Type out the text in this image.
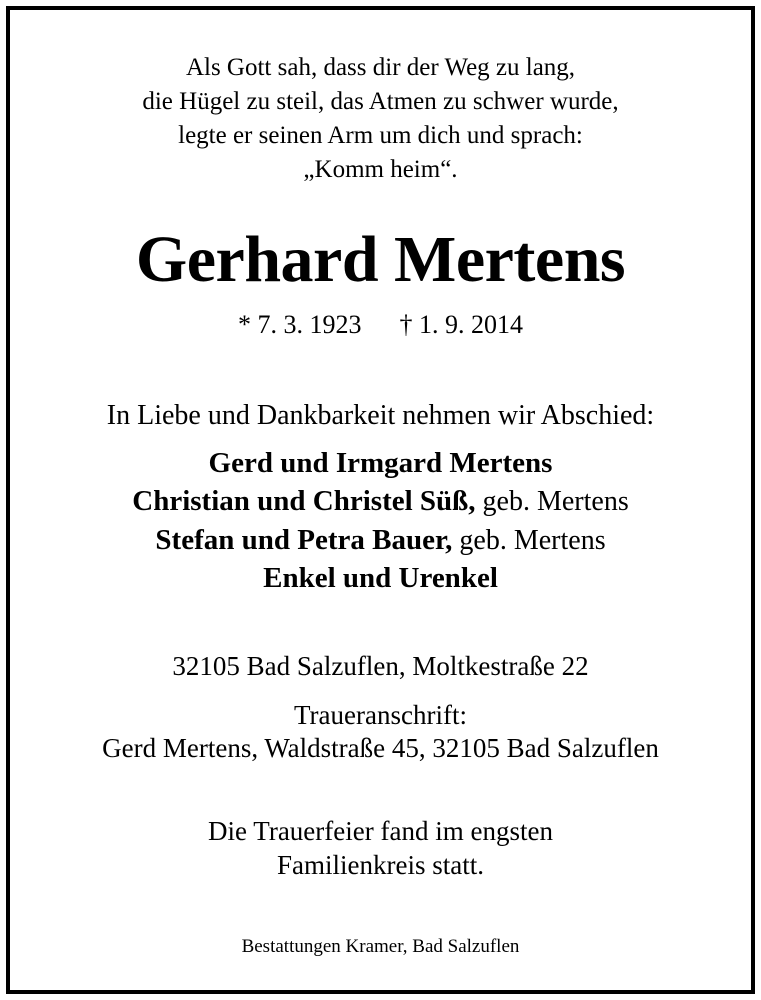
Als Gott sah, dass dir der Weg zu lang,
die Hügel zu steil, das Atmen zu schwer wurde,
legte er seinen Arm um dich und sprach:
„Komm heim“.
Gerhard Mertens
* 7. 3. 1923 † 1. 9. 2014
In Liebe und Dankbarkeit nehmen wir Abschied:
Gerd und Irmgard Mertens
Christian und Christel Süß, geb. Mertens
Stefan und Petra Bauer, geb. Mertens
Enkel und Urenkel
32105 Bad Salzuflen, Moltkestraße 22
Traueranschrift:
Gerd Mertens, Waldstraße 45, 32105 Bad Salzuflen
Die Trauerfeier fand im engsten
Familienkreis statt.
Bestattungen Kramer, Bad Salzuflen
